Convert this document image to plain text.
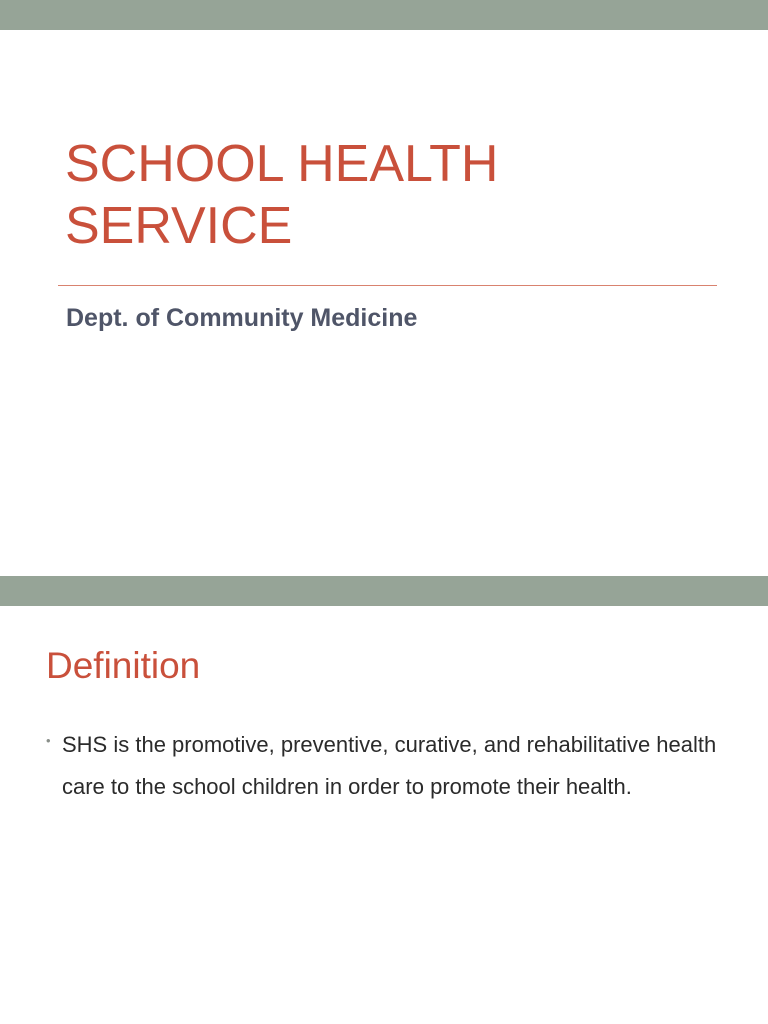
SCHOOL HEALTH
SERVICE

Dept. of Community Medicine

Definition
• SHS is the promotive, preventive, curative, and rehabilitative health care to the school children in order to promote their health.
